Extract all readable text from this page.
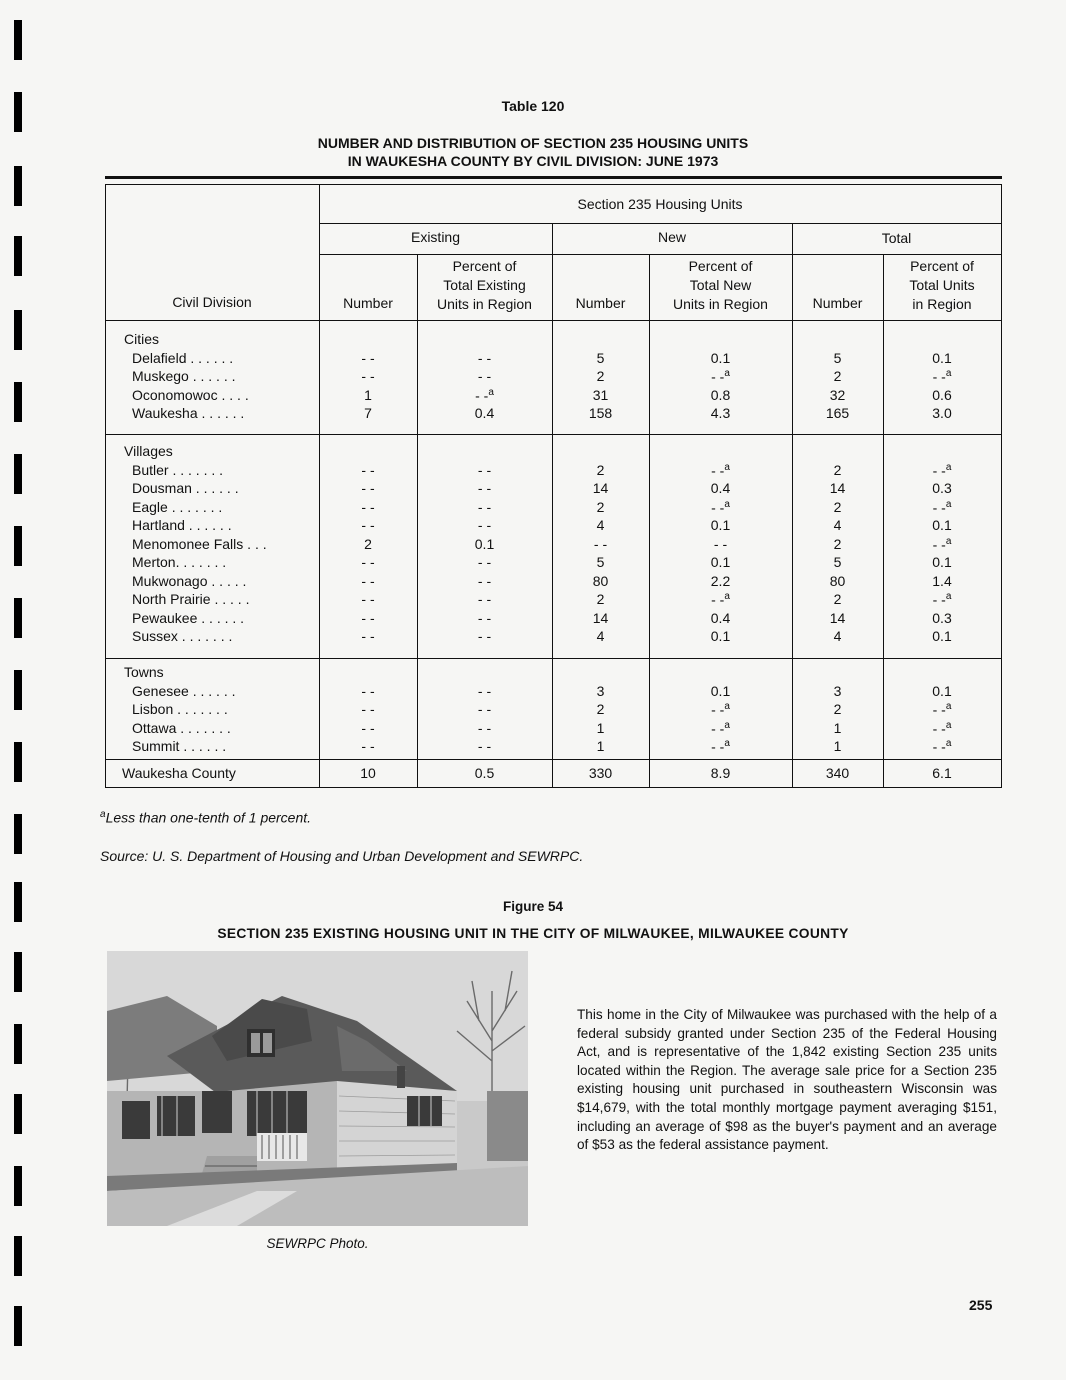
Table 120
NUMBER AND DISTRIBUTION OF SECTION 235 HOUSING UNITS
IN WAUKESHA COUNTY BY CIVIL DIVISION: JUNE 1973
Section 235 Housing Units
Existing	New	Total
Civil Division	Number
Percent of
Total Existing
Units in Region	Number
Percent of
Total New
Units in Region	Number
Percent of
Total Units
in Region
Cities
Delafield . . . . . .	- -	- -	5	0.1	5	0.1
Muskego . . . . . .	- -	- -	2	- -$^a$	2	- -$^a$
Oconomowoc . . . .	1	- -$^a$	31	0.8	32	0.6
Waukesha . . . . . .	7	0.4	158	4.3	165	3.0
Villages
Butler . . . . . . .	- -	- -	2	- -$^a$	2	- -$^a$
Dousman . . . . . .	- -	- -	14	0.4	14	0.3
Eagle . . . . . . .	- -	- -	2	- -$^a$	2	- -$^a$
Hartland . . . . . .	- -	- -	4	0.1	4	0.1
Menomonee Falls . . .	2	0.1	- -	- -	2	- -$^a$
Merton. . . . . . .	- -	- -	5	0.1	5	0.1
Mukwonago . . . . .	- -	- -	80	2.2	80	1.4
North Prairie . . . . .	- -	- -	2	- -$^a$	2	- -$^a$
Pewaukee . . . . . .	- -	- -	14	0.4	14	0.3
Sussex . . . . . . .	- -	- -	4	0.1	4	0.1
Towns
Genesee . . . . . .	- -	- -	3	0.1	3	0.1
Lisbon . . . . . . .	- -	- -	2	- -$^a$	2	- -$^a$
Ottawa . . . . . . .	- -	- -	1	- -$^a$	1	- -$^a$
Summit . . . . . .	- -	- -	1	- -$^a$	1	- -$^a$
Waukesha County	10	0.5	330	8.9	340	6.1
$^a$Less than one-tenth of 1 percent.
Source: U. S. Department of Housing and Urban Development and SEWRPC.
Figure 54
SECTION 235 EXISTING HOUSING UNIT IN THE CITY OF MILWAUKEE, MILWAUKEE COUNTY
SEWRPC Photo.
This home in the City of Milwaukee was purchased with the help of a federal subsidy granted under Section 235 of the Federal Housing Act, and is representative of the 1,842 existing Section 235 units located within the Region. The average sale price for a Section 235 existing housing unit purchased in southeastern Wisconsin was $14,679, with the total monthly mortgage payment averaging $151, including an average of $98 as the buyer's payment and an average of $53 as the federal assistance payment.
255
